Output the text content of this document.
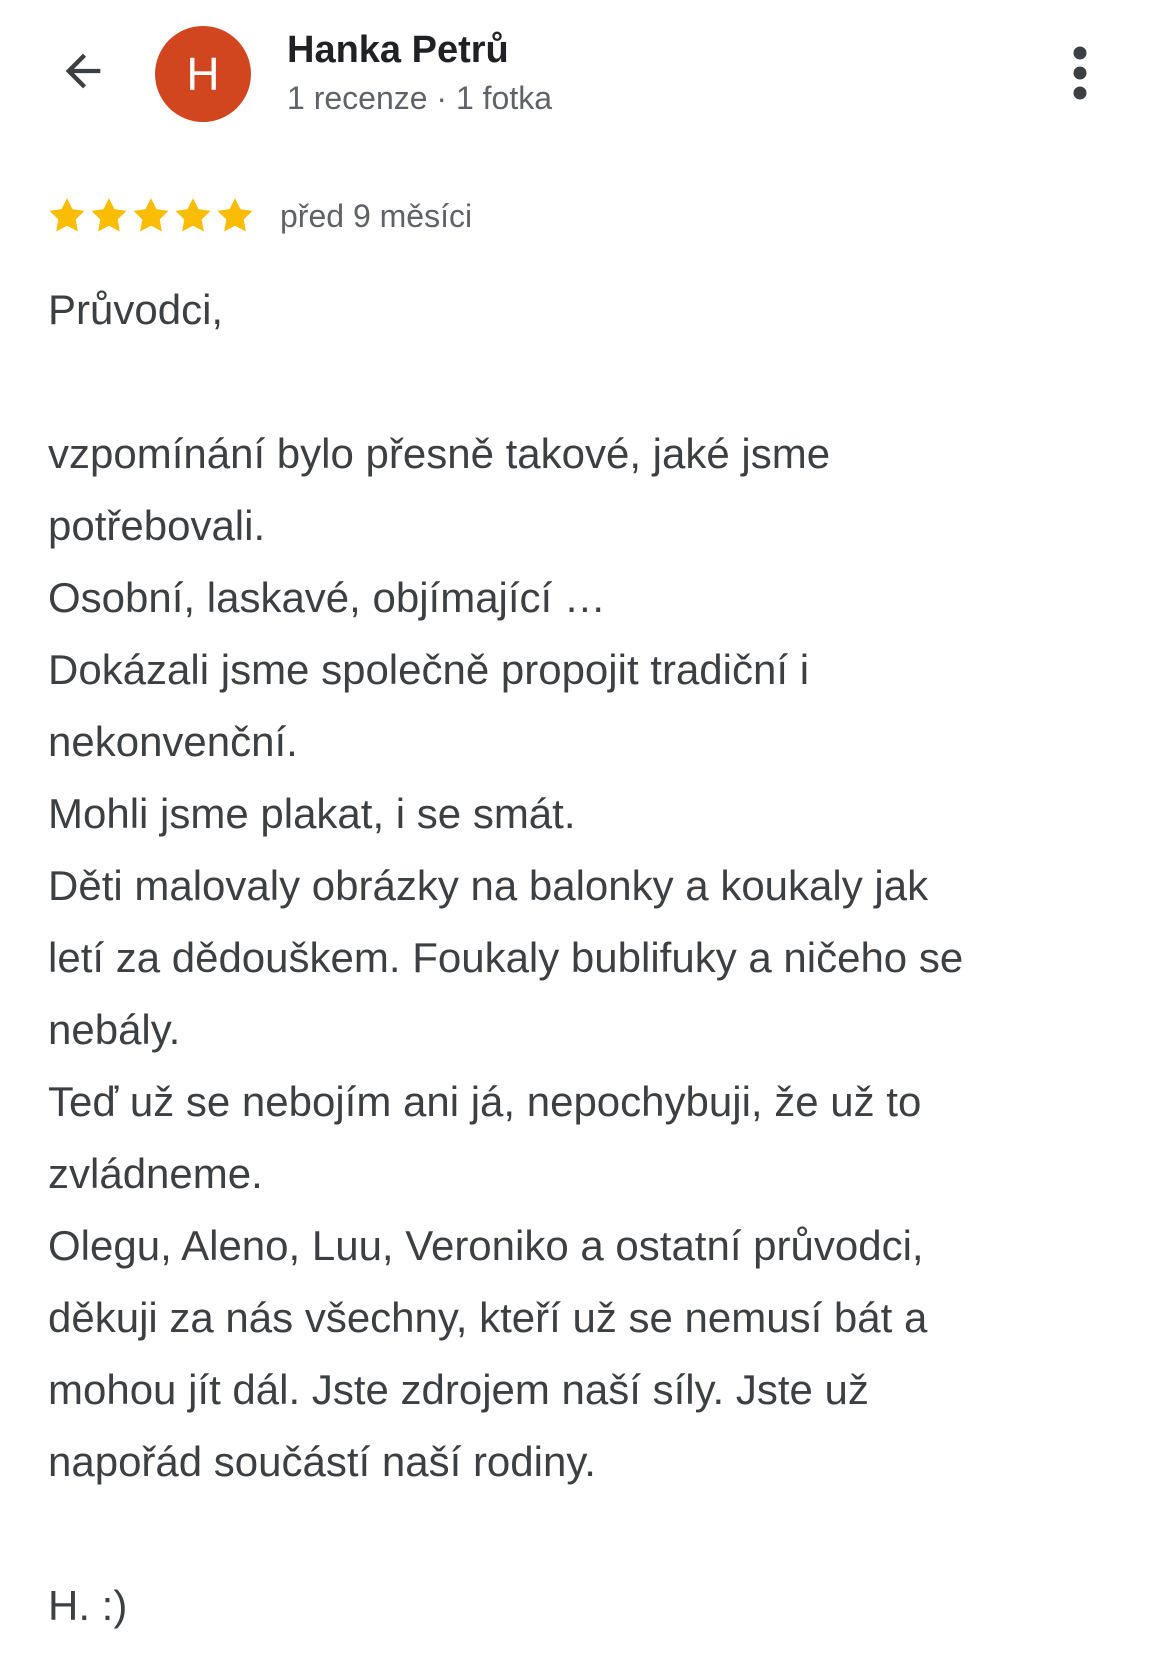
H Hanka Petrů
1 recenze · 1 fotka
před 9 měsíci
Průvodci,
vzpomínání bylo přesně takové, jaké jsme
potřebovali.
Osobní, laskavé, objímající …
Dokázali jsme společně propojit tradiční i
nekonvenční.
Mohli jsme plakat, i se smát.
Děti malovaly obrázky na balonky a koukaly jak
letí za dědouškem. Foukaly bublifuky a ničeho se
nebály.
Teď už se nebojím ani já, nepochybuji, že už to
zvládneme.
Olegu, Aleno, Luu, Veroniko a ostatní průvodci,
děkuji za nás všechny, kteří už se nemusí bát a
mohou jít dál. Jste zdrojem naší síly. Jste už
napořád součástí naší rodiny.
H. :)
